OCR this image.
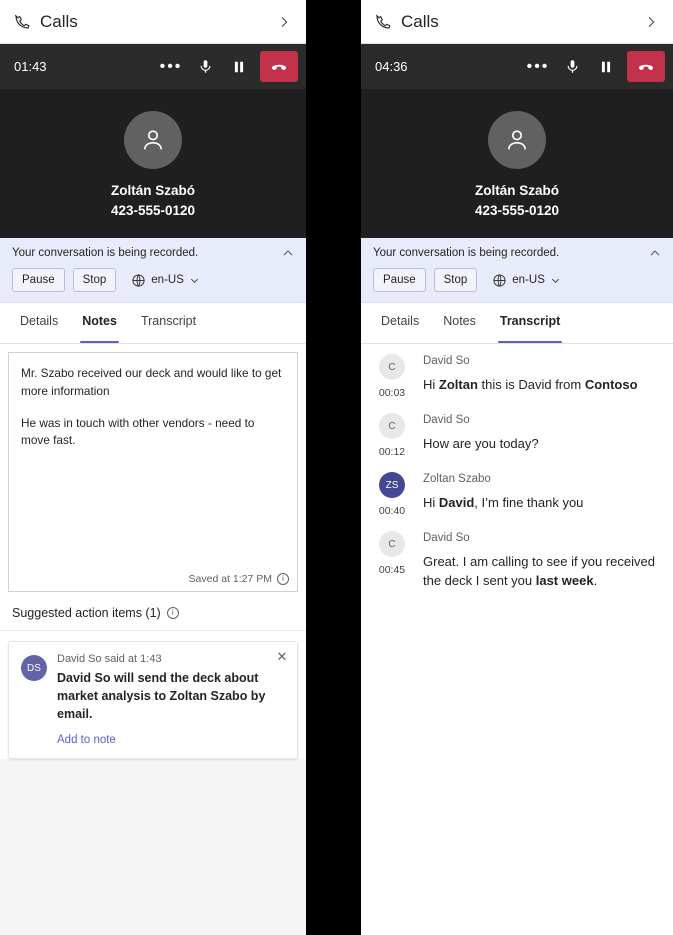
Calls
01:43	•••
Zoltán Szabó
423-555-0120
Your conversation is being recorded.
Pause	Stop	en-US
Details	Notes	Transcript
Mr. Szabo received our deck and would like to get more information
He was in touch with other vendors - need to move fast.
Saved at 1:27 PM	i
Suggested action items (1)	i
DS
David So said at 1:43
David So will send the deck about market analysis to Zoltan Szabo by email.
Add to note
✕
Calls
04:36	•••
Zoltán Szabó
423-555-0120
Your conversation is being recorded.
Pause	Stop	en-US
Details	Notes	Transcript
C
00:03
David So
Hi Zoltan this is David from Contoso
C
00:12
David So
How are you today?
ZS
00:40
Zoltan Szabo
Hi David, I’m fine thank you
C
00:45
David So
Great. I am calling to see if you received the deck I sent you last week.
